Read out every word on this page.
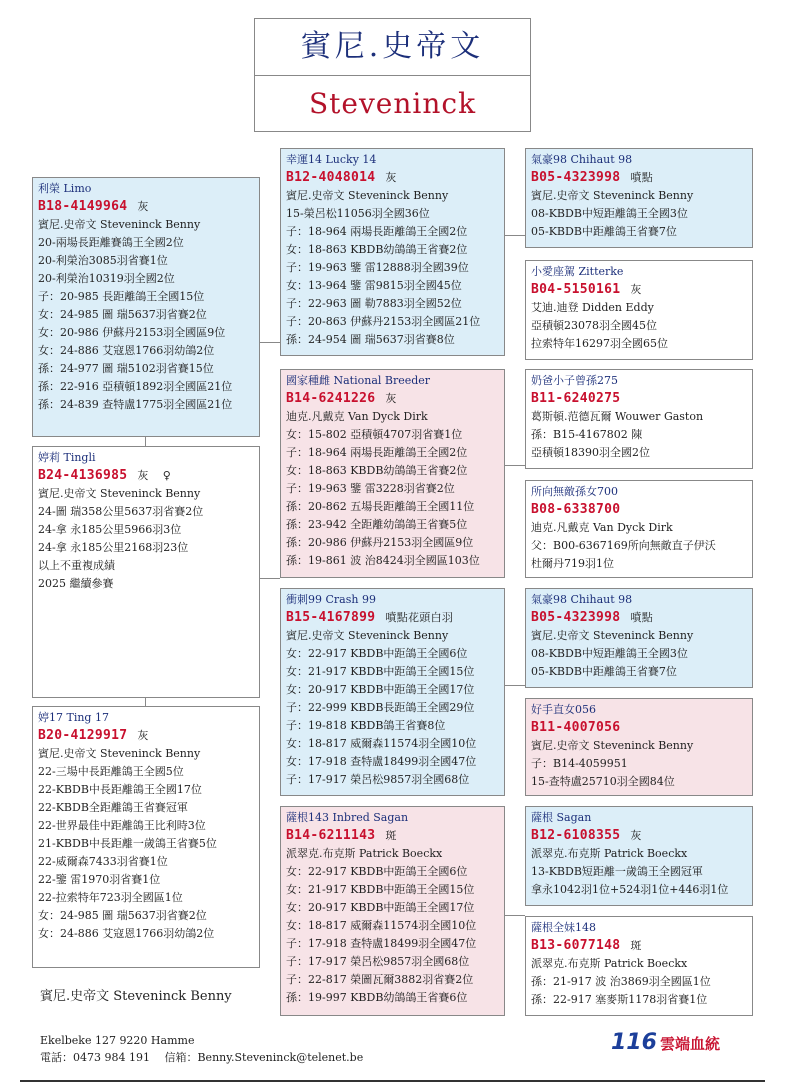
賓尼.史帝文
Steveninck
利榮 Limo
B18-4149964 灰
賓尼.史帝文 Steveninck Benny
20-兩場長距離賽鴿王全國2位
20-利榮治3085羽省賽1位
20-利榮治10319羽全國2位
子：20-985 長距離鴿王全國15位
女：24-985 圖 瑞5637羽省賽2位
女：20-986 伊蘇丹2153羽全國區9位
女：24-886 艾寇恩1766羽幼鴿2位
孫：24-977 圖 瑞5102羽省賽15位
孫：22-916 亞積頓1892羽全國區21位
孫：24-839 查特盧1775羽全國區21位
婷莉 Tingli
B24-4136985 灰 ♀
賓尼.史帝文 Steveninck Benny
24-圖 瑞358公里5637羽省賽2位
24-拿 永185公里5966羽3位
24-拿 永185公里2168羽23位
以上不重複成績
2025 繼續參賽
婷17 Ting 17
B20-4129917 灰
賓尼.史帝文 Steveninck Benny
22-三場中長距離鴿王全國5位
22-KBDB中長距離鴿王全國17位
22-KBDB全距離鴿王省賽冠軍
22-世界最佳中距離鴿王比利時3位
21-KBDB中長距離一歲鴿王省賽5位
22-威爾森7433羽省賽1位
22-鑒 雷1970羽省賽1位
22-拉索特年723羽全國區1位
女：24-985 圖 瑞5637羽省賽2位
女：24-886 艾寇恩1766羽幼鴿2位
幸運14 Lucky 14
B12-4048014 灰
賓尼.史帝文 Steveninck Benny
15-榮呂松11056羽全國36位
子：18-964 兩場長距離鴿王全國2位
女：18-863 KBDB幼鴿鴿王省賽2位
子：19-963 鑒 雷12888羽全國39位
女：13-964 鑒 雷9815羽全國45位
子：22-963 圖 勒7883羽全國52位
子：20-863 伊蘇丹2153羽全國區21位
孫：24-954 圖 瑞5637羽省賽8位
國家種雌 National Breeder
B14-6241226 灰
迪克.凡戴克 Van Dyck Dirk
女：15-802 亞積頓4707羽省賽1位
子：18-964 兩場長距離鴿王全國2位
女：18-863 KBDB幼鴿鴿王省賽2位
子：19-963 鑒 雷3228羽省賽2位
孫：20-862 五場長距離鴿王全國11位
孫：23-942 全距離幼鴿鴿王省賽5位
孫：20-986 伊蘇丹2153羽全國區9位
孫：19-861 波 治8424羽全國區103位
衝刺99 Crash 99
B15-4167899 噴點花頭白羽
賓尼.史帝文 Steveninck Benny
女：22-917 KBDB中距鴿王全國6位
女：21-917 KBDB中距鴿王全國15位
女：20-917 KBDB中距鴿王全國17位
子：22-999 KBDB長距鴿王全國29位
子：19-818 KBDB鴿王省賽8位
女：18-817 威爾森11574羽全國10位
女：17-918 查特盧18499羽全國47位
子：17-917 榮呂松9857羽全國68位
薩根143 Inbred Sagan
B14-6211143 斑
派翠克.布克斯 Patrick Boeckx
女：22-917 KBDB中距鴿王全國6位
女：21-917 KBDB中距鴿王全國15位
女：20-917 KBDB中距鴿王全國17位
女：18-817 威爾森11574羽全國10位
子：17-918 查特盧18499羽全國47位
子：17-917 榮呂松9857羽全國68位
子：22-817 榮圖瓦爾3882羽省賽2位
孫：19-997 KBDB幼鴿鴿王省賽6位
氣豪98 Chihaut 98
B05-4323998 噴點
賓尼.史帝文 Steveninck Benny
08-KBDB中短距離鴿王全國3位
05-KBDB中距離鴿王省賽7位
小愛座駕 Zitterke
B04-5150161 灰
艾迪.迪登 Didden Eddy
亞積頓23078羽全國45位
拉索特年16297羽全國65位
奶爸小子曾孫275
B11-6240275
葛斯頓.范德瓦爾 Wouwer Gaston
孫：B15-4167802 陳
亞積頓18390羽全國2位
所向無敵孫女700
B08-6338700
迪克.凡戴克 Van Dyck Dirk
父：B00-6367169所向無敵直子伊沃
杜爾丹719羽1位
氣豪98 Chihaut 98
B05-4323998 噴點
賓尼.史帝文 Steveninck Benny
08-KBDB中短距離鴿王全國3位
05-KBDB中距離鴿王省賽7位
好手直女056
B11-4007056
賓尼.史帝文 Steveninck Benny
子：B14-4059951
15-查特盧25710羽全國84位
薩根 Sagan
B12-6108355 灰
派翠克.布克斯 Patrick Boeckx
13-KBDB短距離一歲鴿王全國冠軍
拿永1042羽1位+524羽1位+446羽1位
薩根全妹148
B13-6077148 斑
派翠克.布克斯 Patrick Boeckx
孫：21-917 波 治3869羽全國區1位
孫：22-917 塞麥斯1178羽省賽1位
賓尼.史帝文 Steveninck Benny
Ekelbeke 127 9220 Hamme
電話：0473 984 191　 信箱：Benny.Steveninck@telenet.be
116 雲端血統
